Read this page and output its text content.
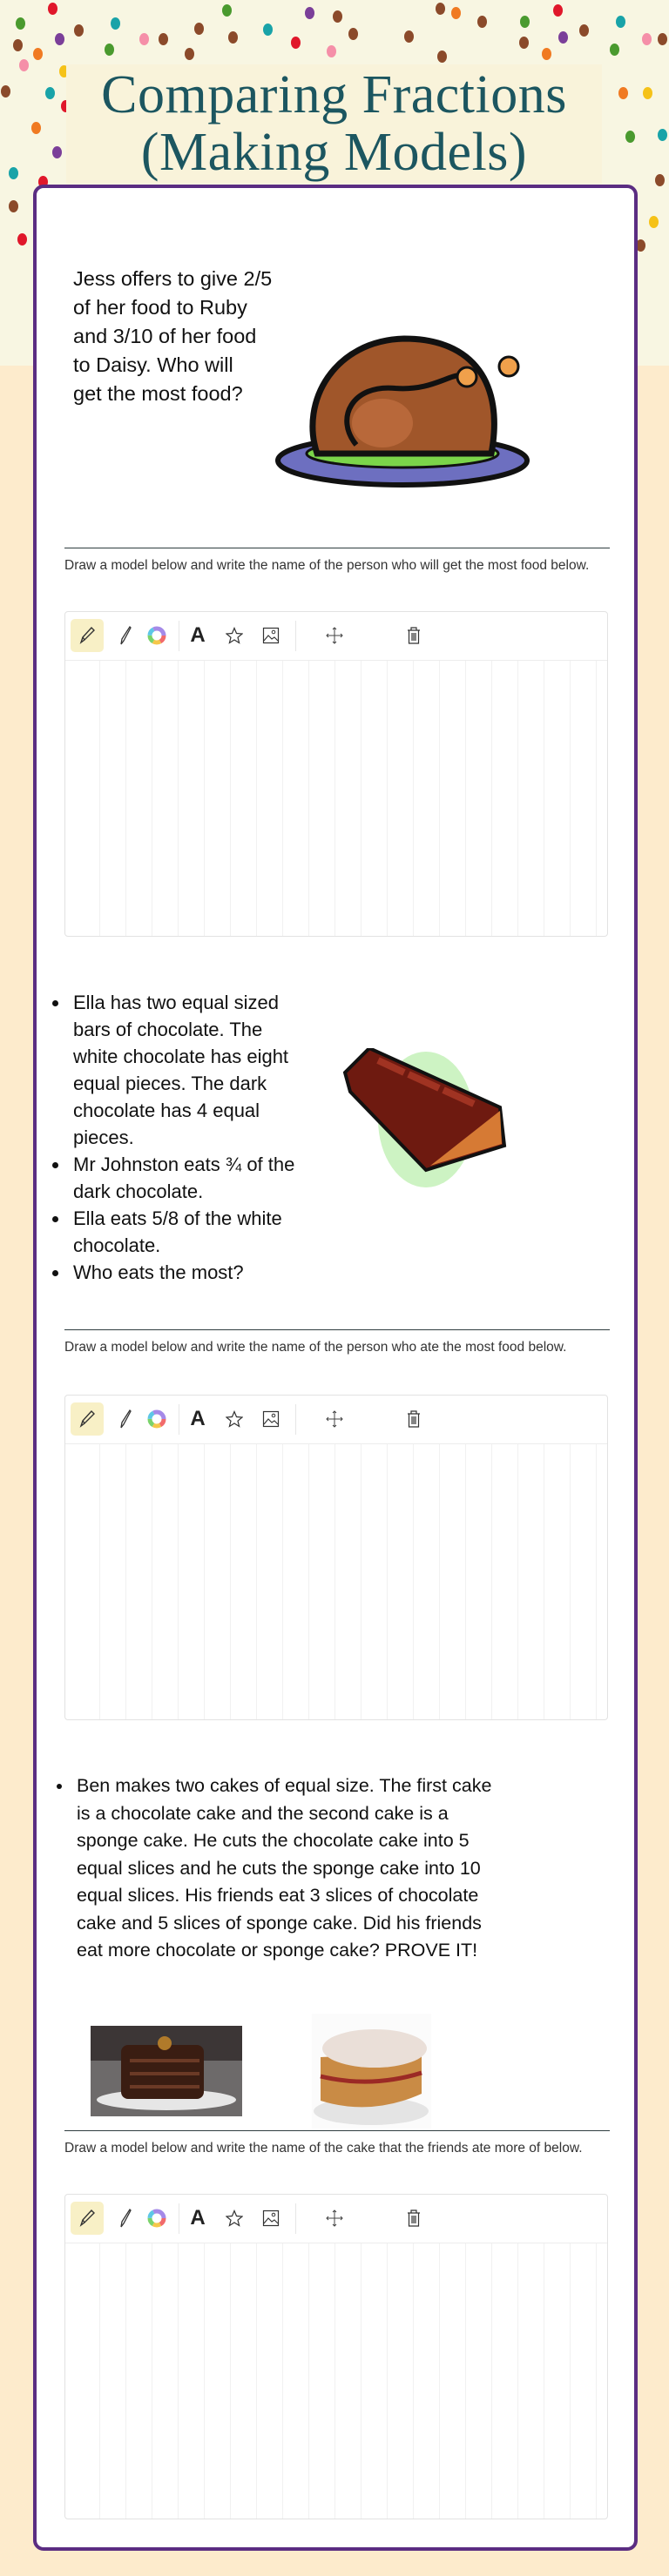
Comparing Fractions
(Making Models)
Jess offers to give 2/5
of her food to Ruby
and 3/10 of her food
to Daisy. Who will
get the most food?
Draw a model below and write the name of the person who will get the most food below.
A
• Ella has two equal sized bars of chocolate. The white chocolate has eight equal pieces. The dark chocolate has 4 equal pieces.
• Mr Johnston eats ¾ of the dark chocolate.
• Ella eats 5/8 of the white chocolate.
• Who eats the most?
Draw a model below and write the name of the person who ate the most food below.
A
• Ben makes two cakes of equal size. The first cake is a chocolate cake and the second cake is a sponge cake. He cuts the chocolate cake into 5 equal slices and he cuts the sponge cake into 10 equal slices. His friends eat 3 slices of chocolate cake and 5 slices of sponge cake. Did his friends eat more chocolate or sponge cake? PROVE IT!
Draw a model below and write the name of the cake that the friends ate more of below.
A
